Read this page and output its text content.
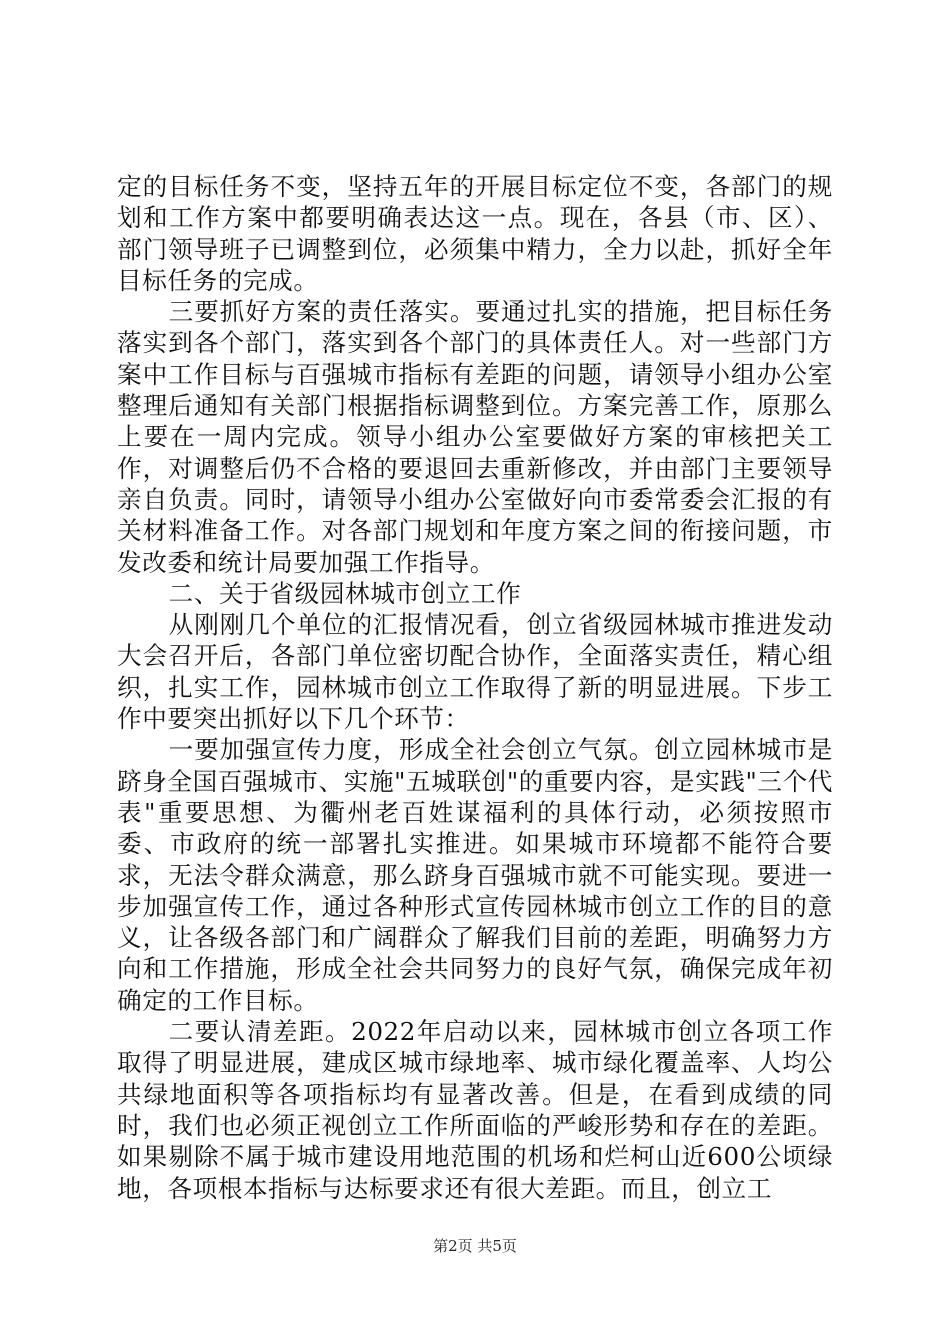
定的目标任务不变，坚持五年的开展目标定位不变，各部门的规划和工作方案中都要明确表达这一点。现在，各县（市、区）、部门领导班子已调整到位，必须集中精力，全力以赴，抓好全年目标任务的完成。

三要抓好方案的责任落实。要通过扎实的措施，把目标任务落实到各个部门，落实到各个部门的具体责任人。对一些部门方案中工作目标与百强城市指标有差距的问题，请领导小组办公室整理后通知有关部门根据指标调整到位。方案完善工作，原那么上要在一周内完成。领导小组办公室要做好方案的审核把关工作，对调整后仍不合格的要退回去重新修改，并由部门主要领导亲自负责。同时，请领导小组办公室做好向市委常委会汇报的有关材料准备工作。对各部门规划和年度方案之间的衔接问题，市发改委和统计局要加强工作指导。

二、关于省级园林城市创立工作

从刚刚几个单位的汇报情况看，创立省级园林城市推进发动大会召开后，各部门单位密切配合协作，全面落实责任，精心组织，扎实工作，园林城市创立工作取得了新的明显进展。下步工作中要突出抓好以下几个环节：

一要加强宣传力度，形成全社会创立气氛。创立园林城市是跻身全国百强城市、实施"五城联创"的重要内容，是实践"三个代表"重要思想、为衢州老百姓谋福利的具体行动，必须按照市委、市政府的统一部署扎实推进。如果城市环境都不能符合要求，无法令群众满意，那么跻身百强城市就不可能实现。要进一步加强宣传工作，通过各种形式宣传园林城市创立工作的目的意义，让各级各部门和广阔群众了解我们目前的差距，明确努力方向和工作措施，形成全社会共同努力的良好气氛，确保完成年初确定的工作目标。

二要认清差距。2022年启动以来，园林城市创立各项工作取得了明显进展，建成区城市绿地率、城市绿化覆盖率、人均公共绿地面积等各项指标均有显著改善。但是，在看到成绩的同时，我们也必须正视创立工作所面临的严峻形势和存在的差距。如果剔除不属于城市建设用地范围的机场和烂柯山近600公顷绿地，各项根本指标与达标要求还有很大差距。而且，创立工

第2页 共5页
